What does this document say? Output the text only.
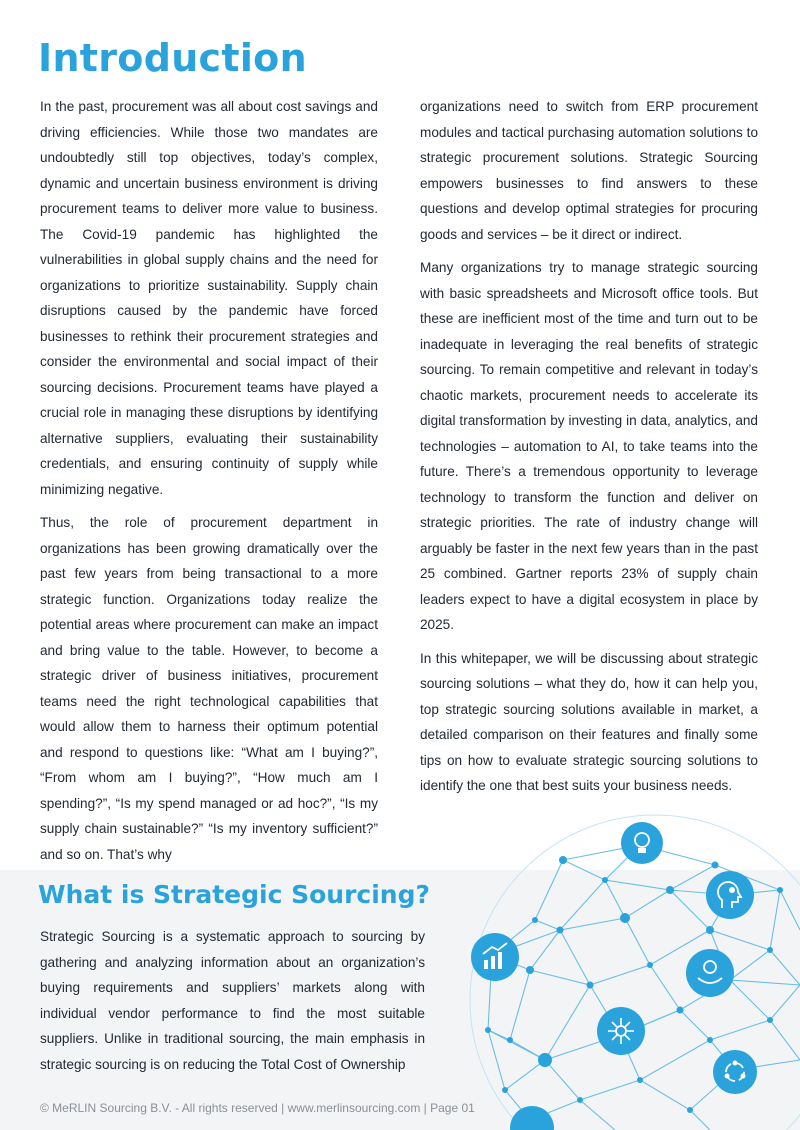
Introduction

In the past, procurement was all about cost savings and driving efficiencies. While those two mandates are undoubtedly still top objectives, today’s complex, dynamic and uncertain business environment is driving procurement teams to deliver more value to business. The Covid-19 pandemic has highlighted the vulnerabilities in global supply chains and the need for organizations to prioritize sustainability. Supply chain disruptions caused by the pandemic have forced businesses to rethink their procurement strategies and consider the environmental and social impact of their sourcing decisions. Procurement teams have played a crucial role in managing these disruptions by identifying alternative suppliers, evaluating their sustainability credentials, and ensuring continuity of supply while minimizing negative.

Thus, the role of procurement department in organizations has been growing dramatically over the past few years from being transactional to a more strategic function. Organizations today realize the potential areas where procurement can make an impact and bring value to the table. However, to become a strategic driver of business initiatives, procurement teams need the right technological capabilities that would allow them to harness their optimum potential and respond to questions like: “What am I buying?”, “From whom am I buying?”, “How much am I spending?”, “Is my spend managed or ad hoc?”, “Is my supply chain sustainable?” “Is my inventory sufficient?” and so on. That’s why

organizations need to switch from ERP procurement modules and tactical purchasing automation solutions to strategic procurement solutions. Strategic Sourcing empowers businesses to find answers to these questions and develop optimal strategies for procuring goods and services – be it direct or indirect.

Many organizations try to manage strategic sourcing with basic spreadsheets and Microsoft office tools. But these are inefficient most of the time and turn out to be inadequate in leveraging the real benefits of strategic sourcing. To remain competitive and relevant in today’s chaotic markets, procurement needs to accelerate its digital transformation by investing in data, analytics, and technologies – automation to AI, to take teams into the future. There’s a tremendous opportunity to leverage technology to transform the function and deliver on strategic priorities. The rate of industry change will arguably be faster in the next few years than in the past 25 combined. Gartner reports 23% of supply chain leaders expect to have a digital ecosystem in place by 2025.

In this whitepaper, we will be discussing about strategic sourcing solutions – what they do, how it can help you, top strategic sourcing solutions available in market, a detailed comparison on their features and finally some tips on how to evaluate strategic sourcing solutions to identify the one that best suits your business needs.

What is Strategic Sourcing?

Strategic Sourcing is a systematic approach to sourcing by gathering and analyzing information about an organization’s buying requirements and suppliers’ markets along with individual vendor performance to find the most suitable suppliers. Unlike in traditional sourcing, the main emphasis in strategic sourcing is on reducing the Total Cost of Ownership

© MeRLIN Sourcing B.V. - All rights reserved | www.merlinsourcing.com | Page 01
